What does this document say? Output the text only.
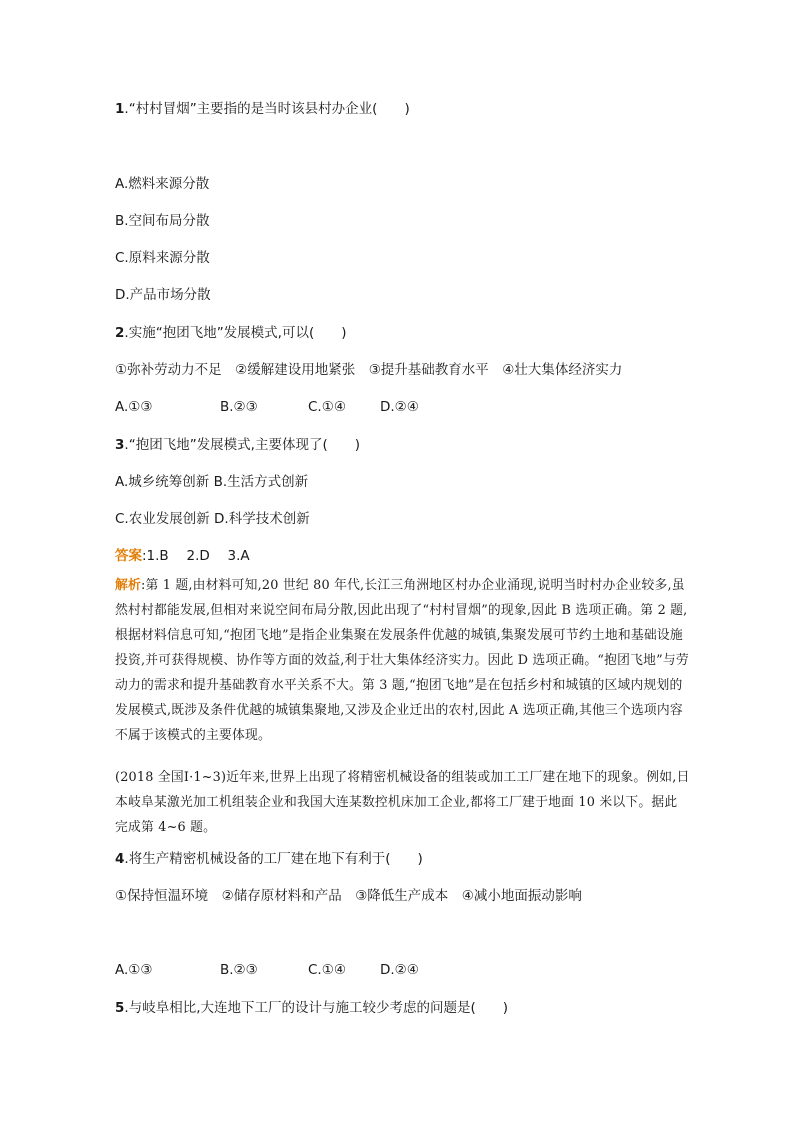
1.“村村冒烟”主要指的是当时该县村办企业(　　)
A.燃料来源分散
B.空间布局分散
C.原料来源分散
D.产品市场分散
2.实施“抱团飞地”发展模式,可以(　　)
①弥补劳动力不足　②缓解建设用地紧张　③提升基础教育水平　④壮大集体经济实力
A.①③	B.②③	C.①④	D.②④
3.“抱团飞地”发展模式,主要体现了(　　)
A.城乡统筹创新 B.生活方式创新
C.农业发展创新 D.科学技术创新
答案:1.B　 2.D　 3.A
解析:第 1 题,由材料可知,20 世纪 80 年代,长江三角洲地区村办企业涌现,说明当时村办企业较多,虽然村村都能发展,但相对来说空间布局分散,因此出现了“村村冒烟”的现象,因此 B 选项正确。第 2 题,根据材料信息可知,“抱团飞地”是指企业集聚在发展条件优越的城镇,集聚发展可节约土地和基础设施投资,并可获得规模、协作等方面的效益,利于壮大集体经济实力。因此 D 选项正确。“抱团飞地”与劳动力的需求和提升基础教育水平关系不大。第 3 题,“抱团飞地”是在包括乡村和城镇的区域内规划的发展模式,既涉及条件优越的城镇集聚地,又涉及企业迁出的农村,因此 A 选项正确,其他三个选项内容不属于该模式的主要体现。
(2018 全国Ⅰ·1~3)近年来,世界上出现了将精密机械设备的组装或加工工厂建在地下的现象。例如,日本岐阜某激光加工机组装企业和我国大连某数控机床加工企业,都将工厂建于地面 10 米以下。据此完成第 4~6 题。
4.将生产精密机械设备的工厂建在地下有利于(　　)
①保持恒温环境　②储存原材料和产品　③降低生产成本　④减小地面振动影响
A.①③	B.②③	C.①④	D.②④
5.与岐阜相比,大连地下工厂的设计与施工较少考虑的问题是(　　)
